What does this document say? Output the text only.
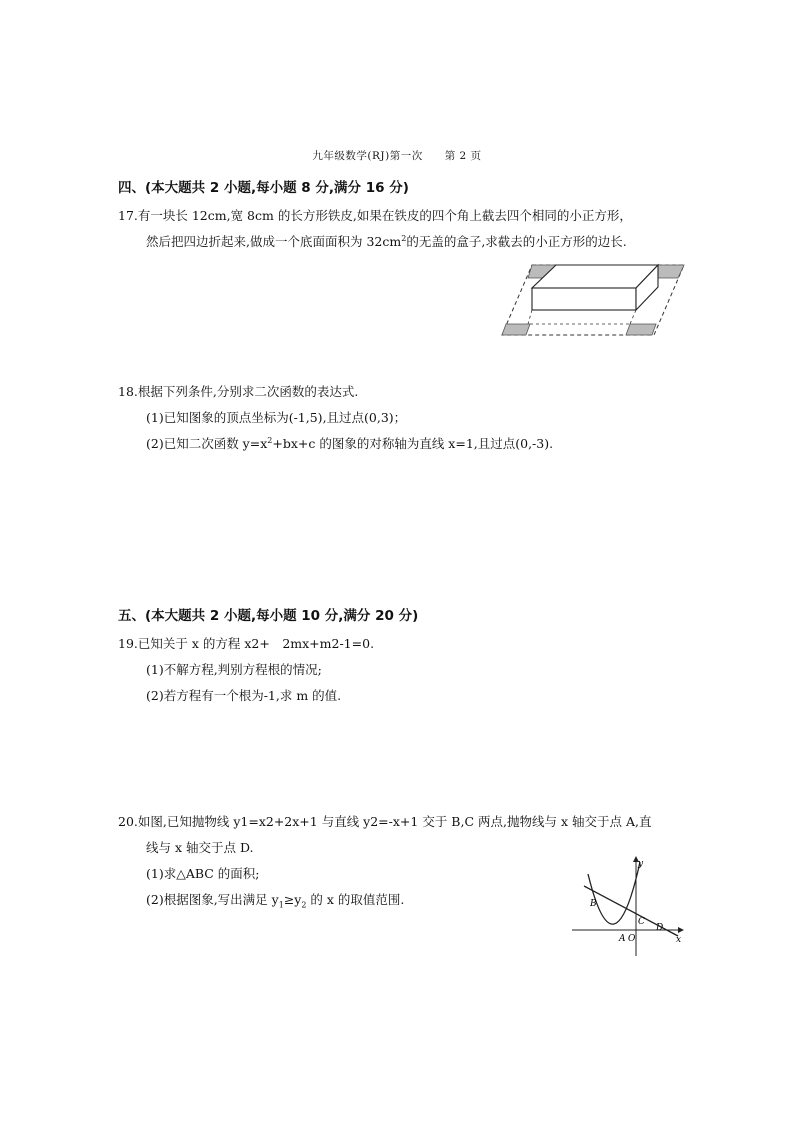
九年级数学(RJ)第一次　　第 2 页
四、(本大题共 2 小题,每小题 8 分,满分 16 分)
17.有一块长 12cm,宽 8cm 的长方形铁皮,如果在铁皮的四个角上截去四个相同的小正方形，
然后把四边折起来,做成一个底面面积为 $32cm^2$的无盖的盒子,求截去的小正方形的边长.
18.根据下列条件,分别求二次函数的表达式.
(1)已知图象的顶点坐标为(-1,5),且过点(0,3)；
(2)已知二次函数 $y=x^2+bx+c$ 的图象的对称轴为直线 x=1,且过点(0,-3).
五、(本大题共 2 小题,每小题 10 分,满分 20 分)
19.已知关于 x 的方程 x2+　2mx+m2-1=0.
(1)不解方程,判别方程根的情况;
(2)若方程有一个根为-1,求 m 的值.
20.如图,已知抛物线 y1=x2+2x+1 与直线 y2=-x+1 交于 B,C 两点,抛物线与 x 轴交于点 A,直
线与 x 轴交于点 D.
(1)求△ABC 的面积;
(2)根据图象,写出满足 $y_1\ge y_2$ 的 x 的取值范围.
y
x
B
C
A O
D
